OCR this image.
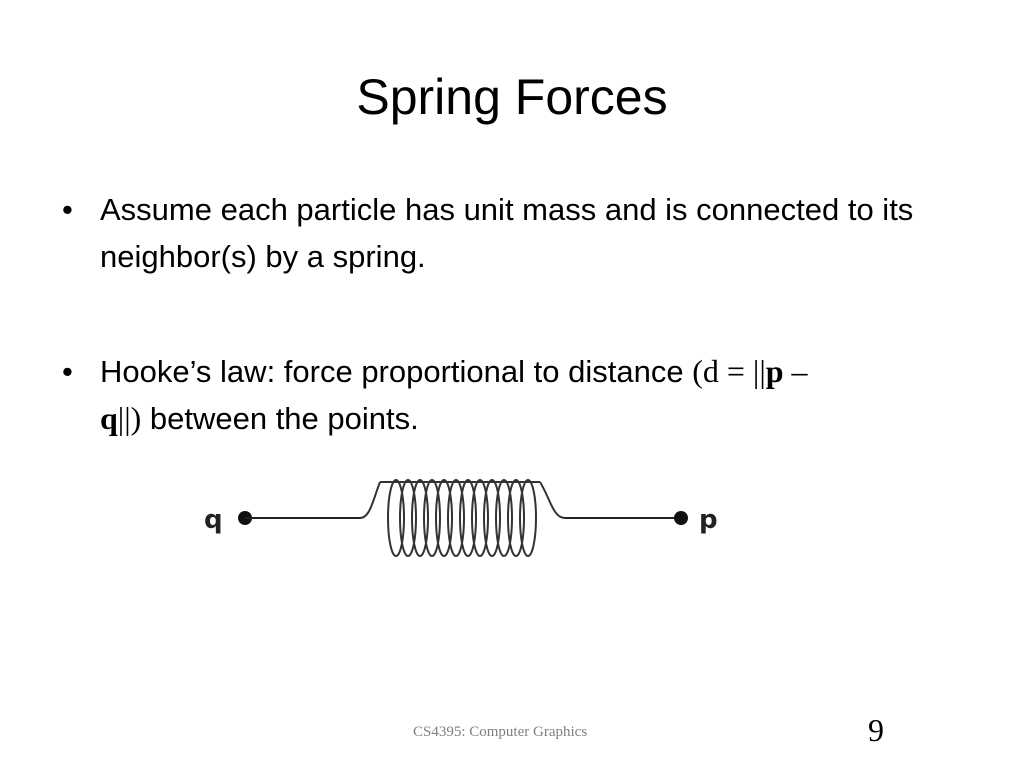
Spring Forces
• Assume each particle has unit mass and is connected to its neighbor(s) by a spring.
• Hooke’s law: force proportional to distance (d = ||p –
q||) between the points.
q	p
CS4395: Computer Graphics	9
